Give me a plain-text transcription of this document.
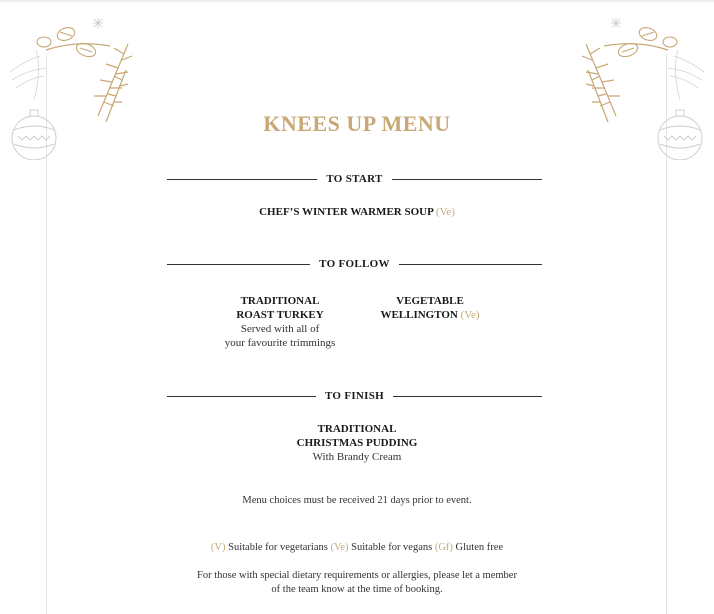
KNEES UP MENU
TO START
CHEF’S WINTER WARMER SOUP (Ve)
TO FOLLOW
TRADITIONAL
ROAST TURKEY
Served with all of
your favourite trimmings
VEGETABLE
WELLINGTON (Ve)
TO FINISH
TRADITIONAL
CHRISTMAS PUDDING
With Brandy Cream
Menu choices must be received 21 days prior to event.
(V) Suitable for vegetarians (Ve) Suitable for vegans (Gf) Gluten free
For those with special dietary requirements or allergies, please let a member
of the team know at the time of booking.
